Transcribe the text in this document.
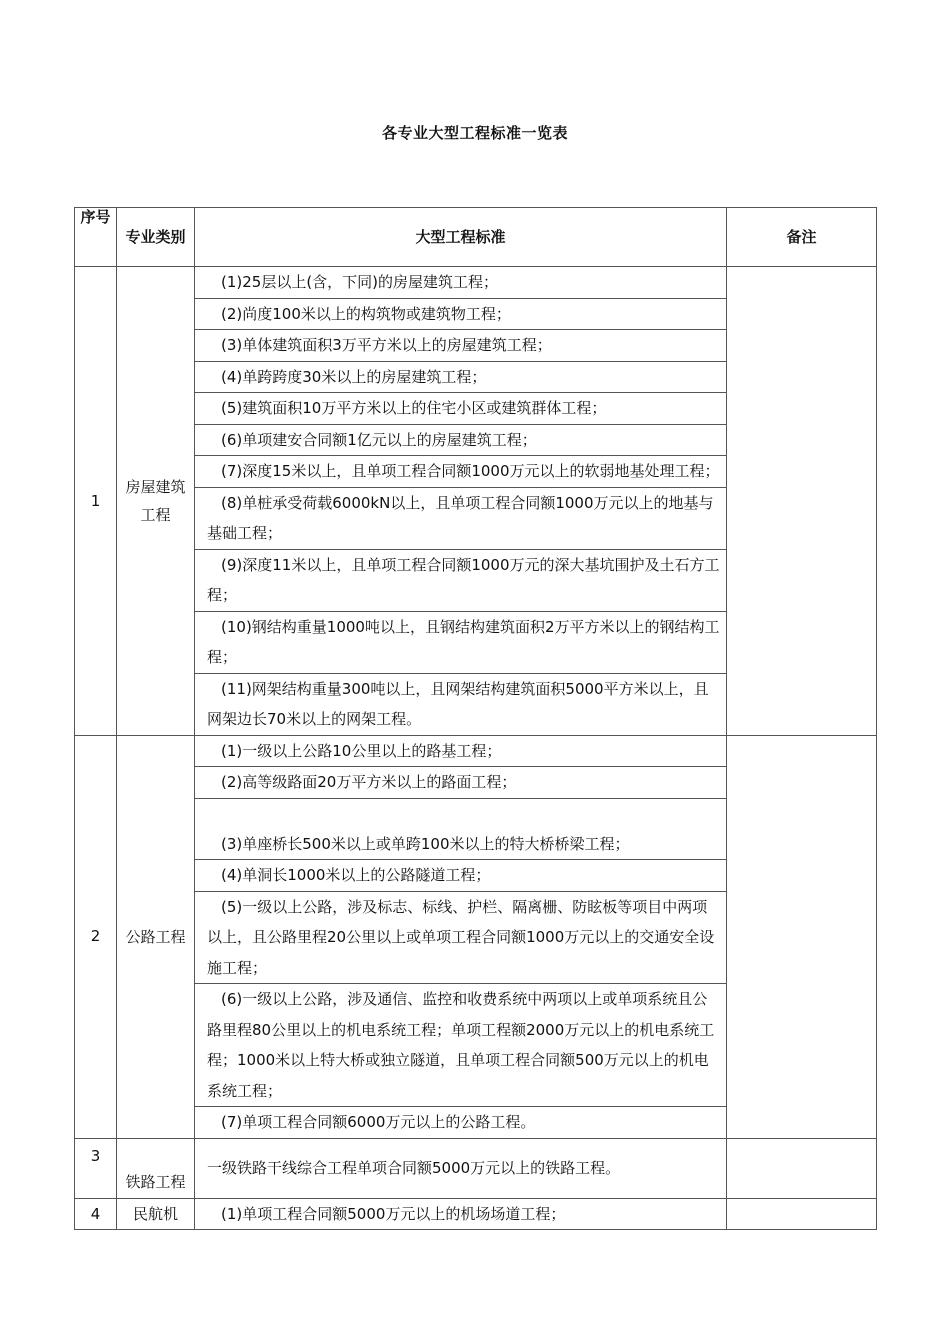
各专业大型工程标准一览表
序号	专业类别	大型工程标准	备注
1	房屋建筑工程	(1)25层以上(含，下同)的房屋建筑工程；	

		(2)尚度100米以上的构筑物或建筑物工程；	

		(3)单体建筑面积3万平方米以上的房屋建筑工程；	

		(4)单跨跨度30米以上的房屋建筑工程；	

		(5)建筑面积10万平方米以上的住宅小区或建筑群体工程；	

		(6)单项建安合同额1亿元以上的房屋建筑工程；	

		(7)深度15米以上，且单项工程合同额1000万元以上的软弱地基处理工程；	

		(8)单桩承受荷载6000kN以上，且单项工程合同额1000万元以上的地基与基础工程；	

		(9)深度11米以上，且单项工程合同额1000万元的深大基坑围护及土石方工程；	

		(10)钢结构重量1000吨以上，且钢结构建筑面积2万平方米以上的钢结构工程；	

		(11)网架结构重量300吨以上，且网架结构建筑面积5000平方米以上，且网架边长70米以上的网架工程。	

2	公路工程	(1)一级以上公路10公里以上的路基工程；	

		(2)高等级路面20万平方米以上的路面工程；	

		(3)单座桥长500米以上或单跨100米以上的特大桥桥梁工程；	

		(4)单洞长1000米以上的公路隧道工程；	

		(5)一级以上公路，涉及标志、标线、护栏、隔离栅、防眩板等项目中两项以上，且公路里程20公里以上或单项工程合同额1000万元以上的交通安全设施工程；	

		(6)一级以上公路，涉及通信、监控和收费系统中两项以上或单项系统且公路里程80公里以上的机电系统工程；单项工程额2000万元以上的机电系统工程；1000米以上特大桥或独立隧道，且单项工程合同额500万元以上的机电系统工程；	

		(7)单项工程合同额6000万元以上的公路工程。	

3	铁路工程	一级铁路干线综合工程单项合同额5000万元以上的铁路工程。	

4	民航机	(1)单项工程合同额5000万元以上的机场场道工程；	
